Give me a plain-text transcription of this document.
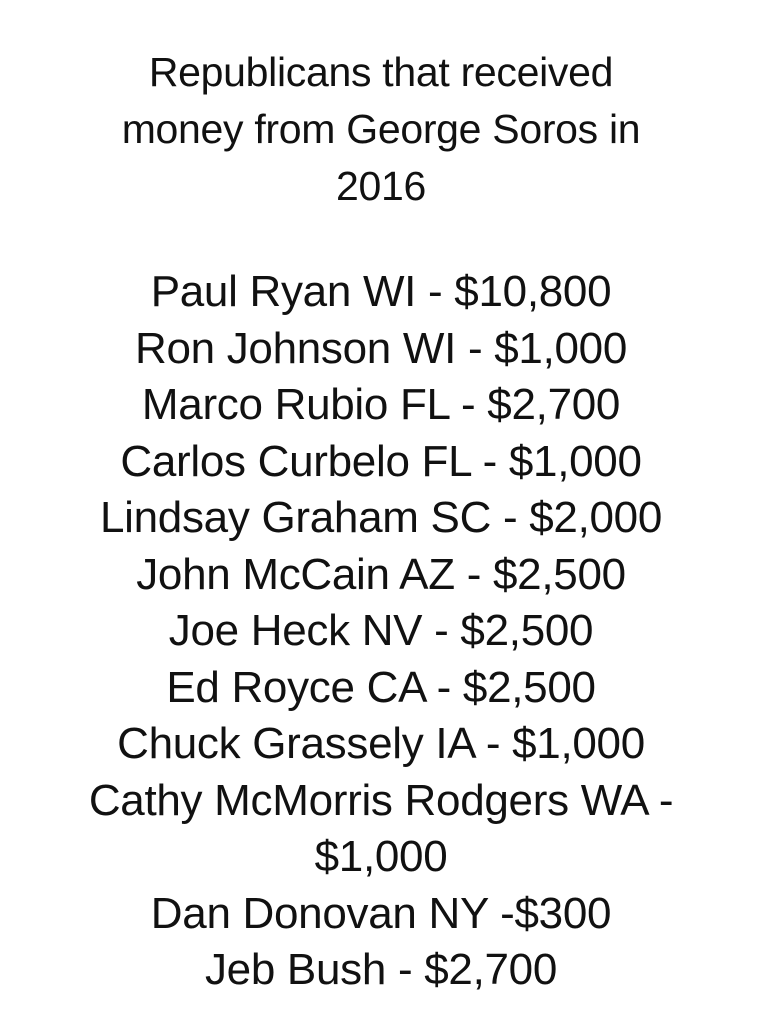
Republicans that received
money from George Soros in
2016
Paul Ryan WI - $10,800
Ron Johnson WI - $1,000
Marco Rubio FL - $2,700
Carlos Curbelo FL - $1,000
Lindsay Graham SC - $2,000
John McCain AZ - $2,500
Joe Heck NV - $2,500
Ed Royce CA - $2,500
Chuck Grassely IA - $1,000
Cathy McMorris Rodgers WA -
$1,000
Dan Donovan NY -$300
Jeb Bush - $2,700
